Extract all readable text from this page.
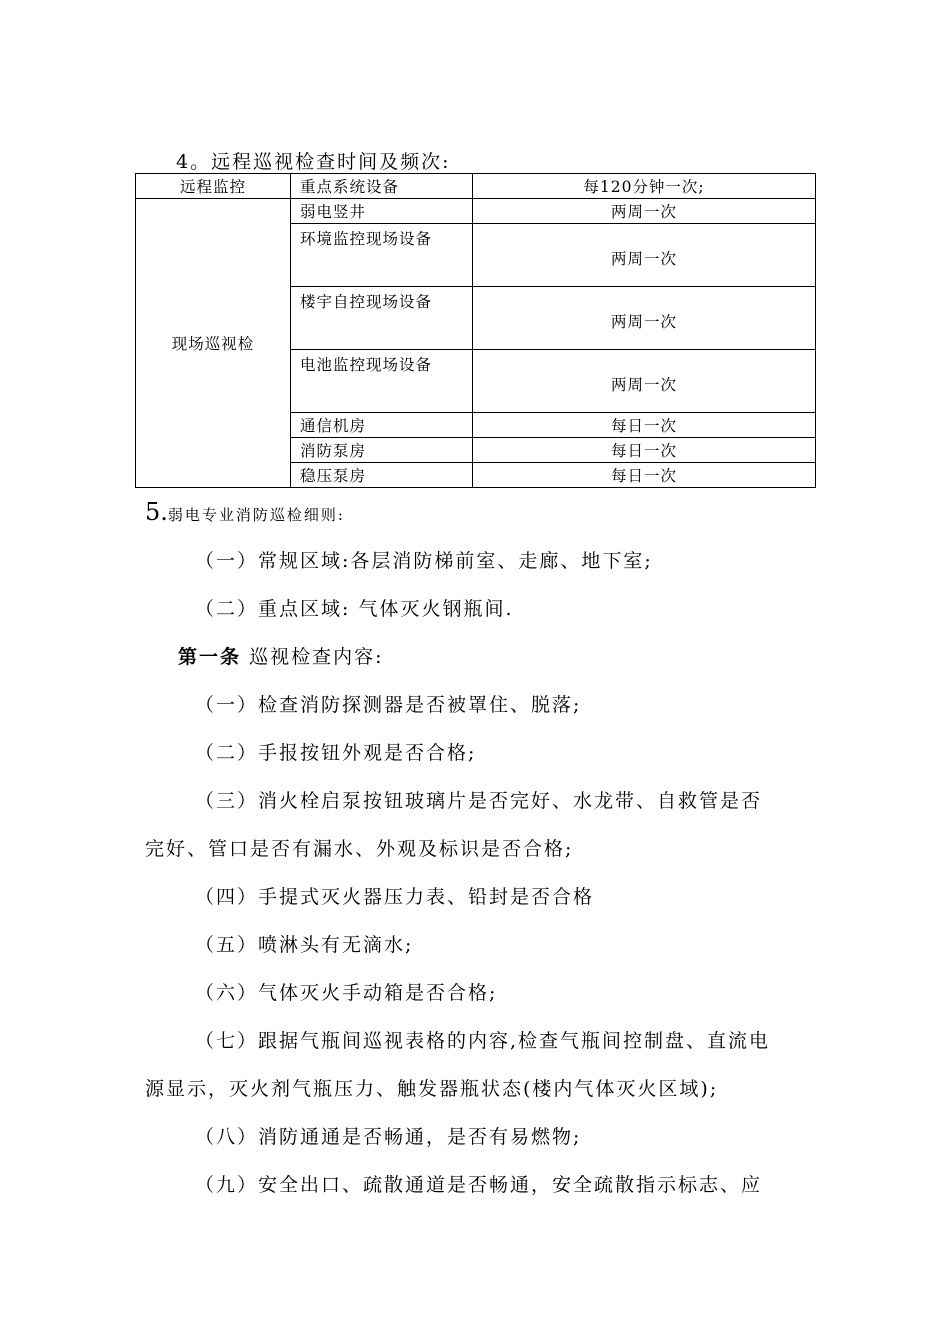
4。远程巡视检查时间及频次:
远程监控	重点系统设备	每120分钟一次;
现场巡视检	弱电竖井	两周一次
	环境监控现场设备	两周一次
	楼宇自控现场设备	两周一次
	电池监控现场设备	两周一次
	通信机房	每日一次
	消防泵房	每日一次
	稳压泵房	每日一次
5.弱电专业消防巡检细则:
（一）常规区域:各层消防梯前室、走廊、地下室;
（二）重点区域: 气体灭火钢瓶间.
第一条 巡视检查内容:
（一）检查消防探测器是否被罩住、脱落;
（二）手报按钮外观是否合格;
（三）消火栓启泵按钮玻璃片是否完好、水龙带、自救管是否
完好、管口是否有漏水、外观及标识是否合格;
（四）手提式灭火器压力表、铅封是否合格
（五）喷淋头有无滴水;
（六）气体灭火手动箱是否合格;
（七）跟据气瓶间巡视表格的内容,检查气瓶间控制盘、直流电
源显示，灭火剂气瓶压力、触发器瓶状态(楼内气体灭火区域);
（八）消防通通是否畅通，是否有易燃物;
（九）安全出口、疏散通道是否畅通，安全疏散指示标志、应
